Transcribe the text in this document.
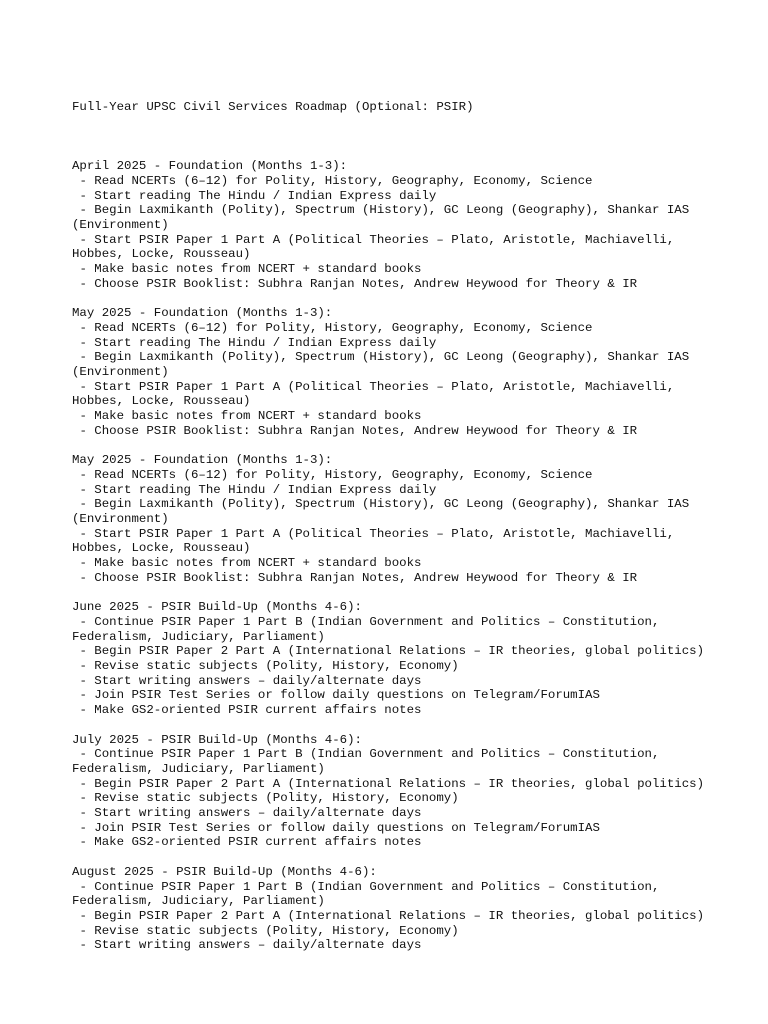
Full-Year UPSC Civil Services Roadmap (Optional: PSIR)

April 2025 - Foundation (Months 1-3):
- Read NCERTs (6–12) for Polity, History, Geography, Economy, Science
- Start reading The Hindu / Indian Express daily
- Begin Laxmikanth (Polity), Spectrum (History), GC Leong (Geography), Shankar IAS (Environment)
- Start PSIR Paper 1 Part A (Political Theories – Plato, Aristotle, Machiavelli, Hobbes, Locke, Rousseau)
- Make basic notes from NCERT + standard books
- Choose PSIR Booklist: Subhra Ranjan Notes, Andrew Heywood for Theory & IR
May 2025 - Foundation (Months 1-3):
- Read NCERTs (6–12) for Polity, History, Geography, Economy, Science
- Start reading The Hindu / Indian Express daily
- Begin Laxmikanth (Polity), Spectrum (History), GC Leong (Geography), Shankar IAS (Environment)
- Start PSIR Paper 1 Part A (Political Theories – Plato, Aristotle, Machiavelli, Hobbes, Locke, Rousseau)
- Make basic notes from NCERT + standard books
- Choose PSIR Booklist: Subhra Ranjan Notes, Andrew Heywood for Theory & IR
May 2025 - Foundation (Months 1-3):
- Read NCERTs (6–12) for Polity, History, Geography, Economy, Science
- Start reading The Hindu / Indian Express daily
- Begin Laxmikanth (Polity), Spectrum (History), GC Leong (Geography), Shankar IAS (Environment)
- Start PSIR Paper 1 Part A (Political Theories – Plato, Aristotle, Machiavelli, Hobbes, Locke, Rousseau)
- Make basic notes from NCERT + standard books
- Choose PSIR Booklist: Subhra Ranjan Notes, Andrew Heywood for Theory & IR
June 2025 - PSIR Build-Up (Months 4-6):
- Continue PSIR Paper 1 Part B (Indian Government and Politics – Constitution, Federalism, Judiciary, Parliament)
- Begin PSIR Paper 2 Part A (International Relations – IR theories, global politics)
- Revise static subjects (Polity, History, Economy)
- Start writing answers – daily/alternate days
- Join PSIR Test Series or follow daily questions on Telegram/ForumIAS
- Make GS2-oriented PSIR current affairs notes
July 2025 - PSIR Build-Up (Months 4-6):
- Continue PSIR Paper 1 Part B (Indian Government and Politics – Constitution, Federalism, Judiciary, Parliament)
- Begin PSIR Paper 2 Part A (International Relations – IR theories, global politics)
- Revise static subjects (Polity, History, Economy)
- Start writing answers – daily/alternate days
- Join PSIR Test Series or follow daily questions on Telegram/ForumIAS
- Make GS2-oriented PSIR current affairs notes
August 2025 - PSIR Build-Up (Months 4-6):
- Continue PSIR Paper 1 Part B (Indian Government and Politics – Constitution, Federalism, Judiciary, Parliament)
- Begin PSIR Paper 2 Part A (International Relations – IR theories, global politics)
- Revise static subjects (Polity, History, Economy)
- Start writing answers – daily/alternate days
